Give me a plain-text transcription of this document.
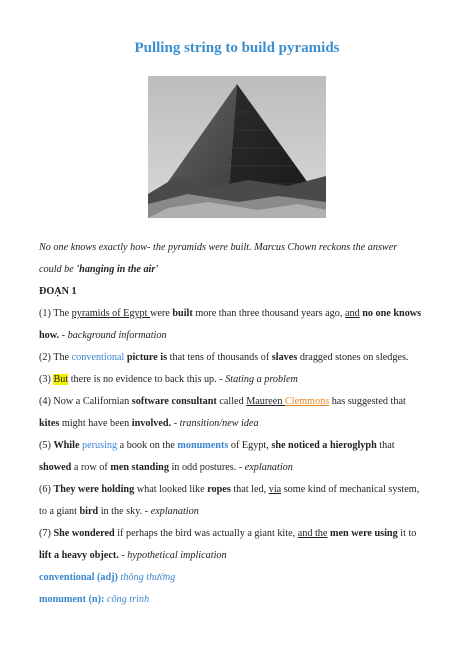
Pulling string to build pyramids
No one knows exactly how- the pyramids were built. Marcus Chown reckons the answer
could be 'hanging in the air'
ĐOẠN 1
(1) The pyramids of Egypt were built more than three thousand years ago, and no one knows
how. - background information
(2) The conventional picture is that tens of thousands of slaves dragged stones on sledges.
(3) But there is no evidence to back this up. - Stating a problem
(4) Now a Californian software consultant called Maureen Clemmons has suggested that
kites might have been involved. - transition/new idea
(5) While perusing a book on the monuments of Egypt, she noticed a hieroglyph that
showed a row of men standing in odd postures. - explanation
(6) They were holding what looked like ropes that led, via some kind of mechanical system,
to a giant bird in the sky. - explanation
(7) She wondered if perhaps the bird was actually a giant kite, and the men were using it to
lift a heavy object. - hypothetical implication
conventional (adj) thông thường
monument (n): công trình
